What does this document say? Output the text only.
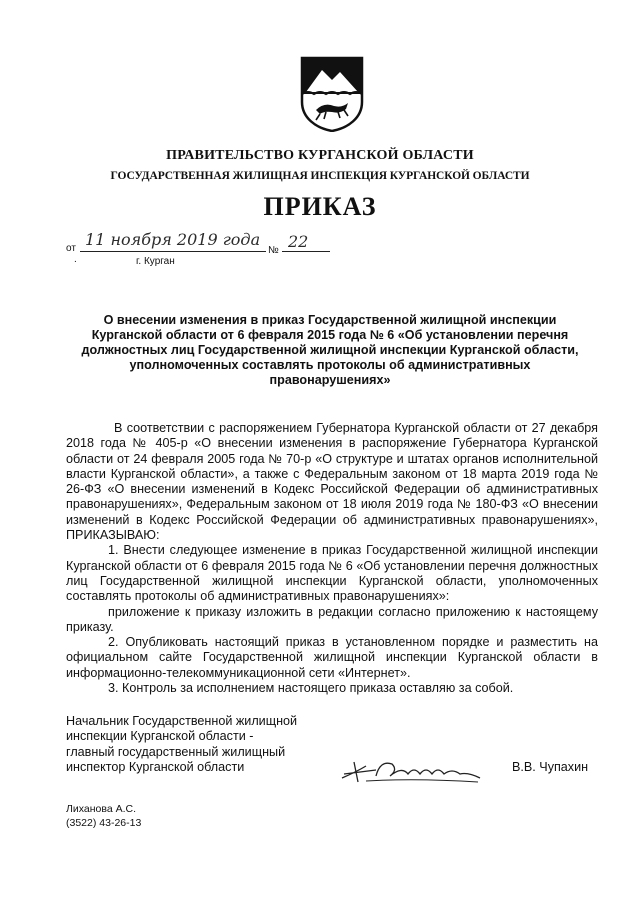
ПРАВИТЕЛЬСТВО КУРГАНСКОЙ ОБЛАСТИ
ГОСУДАРСТВЕННАЯ ЖИЛИЩНАЯ ИНСПЕКЦИЯ КУРГАНСКОЙ ОБЛАСТИ
ПРИКАЗ
от 11 ноября 2019 года
№ 22
.	г. Курган
О внесении изменения в приказ Государственной жилищной инспекции
Курганской области от 6 февраля 2015 года № 6 «Об установлении перечня
должностных лиц Государственной жилищной инспекции Курганской области,
уполномоченных составлять протоколы об административных
правонарушениях»

В соответствии с распоряжением Губернатора Курганской области от 27 декабря 2018 года № 405-р «О внесении изменения в распоряжение Губернатора Курганской области от 24 февраля 2005 года № 70-р «О структуре и штатах органов исполнительной власти Курганской области», а также с Федеральным законом от 18 марта 2019 года № 26-ФЗ «О внесении изменений в Кодекс Российской Федерации об административных правонарушениях», Федеральным законом от 18 июля 2019 года № 180-ФЗ «О внесении изменений в Кодекс Российской Федерации об административных правонарушениях», ПРИКАЗЫВАЮ:

1. Внести следующее изменение в приказ Государственной жилищной инспекции Курганской области от 6 февраля 2015 года № 6 «Об установлении перечня должностных лиц Государственной жилищной инспекции Курганской области, уполномоченных составлять протоколы об административных правонарушениях»:

приложение к приказу изложить в редакции согласно приложению к настоящему приказу.

2. Опубликовать настоящий приказ в установленном порядке и разместить на официальном сайте Государственной жилищной инспекции Курганской области в информационно-телекоммуникационной сети «Интернет».

3. Контроль за исполнением настоящего приказа оставляю за собой.

Начальник Государственной жилищной
инспекции Курганской области -
главный государственный жилищный
инспектор Курганской области	В.В. Чупахин
Лиханова А.С.
(3522) 43-26-13
